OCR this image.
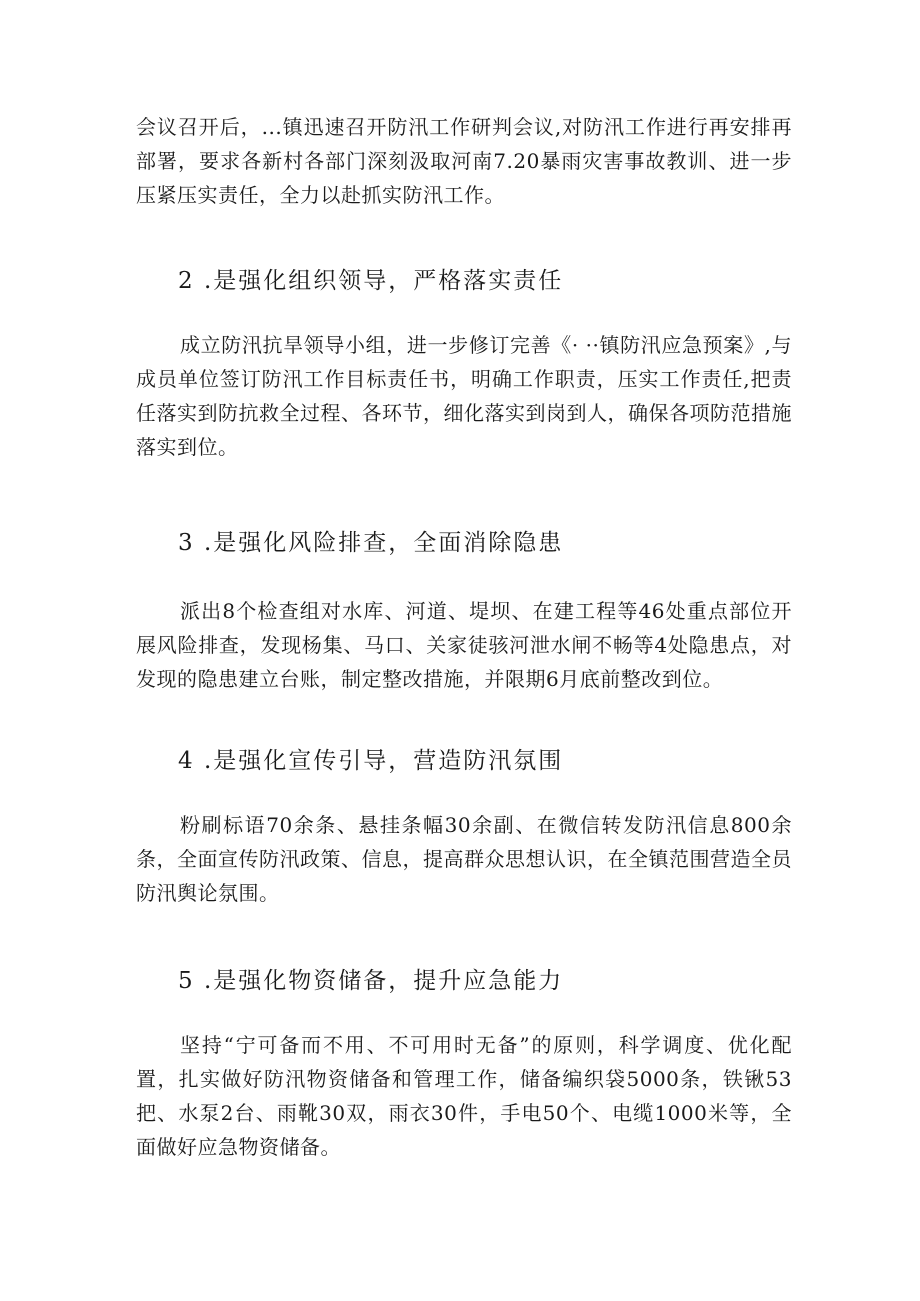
会议召开后，...镇迅速召开防汛工作研判会议,对防汛工作进行再安排再部署，要求各新村各部门深刻汲取河南7.20暴雨灾害事故教训、进一步压紧压实责任，全力以赴抓实防汛工作。

2 .是强化组织领导，严格落实责任

成立防汛抗旱领导小组，进一步修订完善《· ··镇防汛应急预案》,与成员单位签订防汛工作目标责任书，明确工作职责，压实工作责任,把责任落实到防抗救全过程、各环节，细化落实到岗到人，确保各项防范措施落实到位。

3 .是强化风险排查，全面消除隐患

派出8个检查组对水库、河道、堤坝、在建工程等46处重点部位开展风险排查，发现杨集、马口、关家徒骇河泄水闸不畅等4处隐患点，对发现的隐患建立台账，制定整改措施，并限期6月底前整改到位。

4 .是强化宣传引导，营造防汛氛围

粉刷标语70余条、悬挂条幅30余副、在微信转发防汛信息800余条，全面宣传防汛政策、信息，提高群众思想认识，在全镇范围营造全员防汛舆论氛围。

5 .是强化物资储备，提升应急能力

坚持“宁可备而不用、不可用时无备”的原则，科学调度、优化配置，扎实做好防汛物资储备和管理工作，储备编织袋5000条，铁锹53把、水泵2台、雨靴30双，雨衣30件，手电50个、电缆1000米等，全面做好应急物资储备。
